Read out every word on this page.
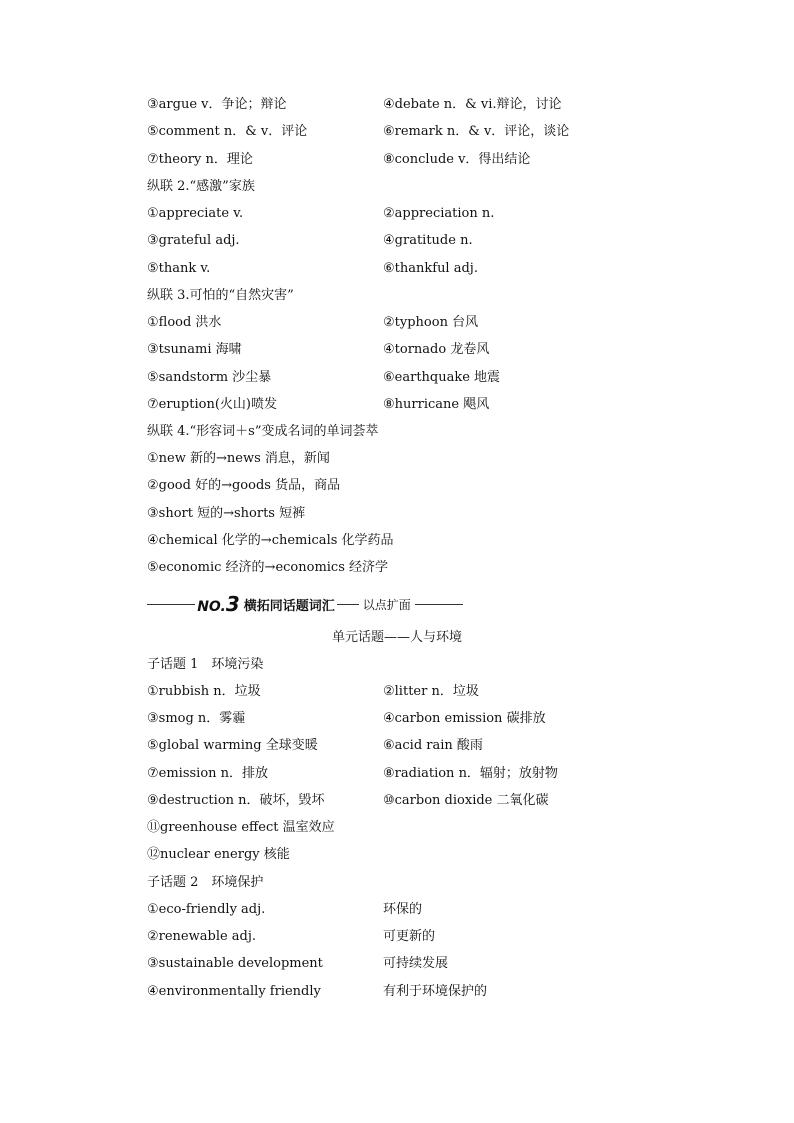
③argue v．争论；辩论	④debate n．& vi.辩论，讨论
⑤comment n．& v．评论	⑥remark n．& v．评论，谈论
⑦theory n．理论	⑧conclude v．得出结论
纵联 2.“感激”家族
①appreciate v.	②appreciation n.
③grateful adj.	④gratitude n.
⑤thank v.	⑥thankful adj.
纵联 3.可怕的“自然灾害”
①flood 洪水	②typhoon 台风
③tsunami 海啸	④tornado 龙卷风
⑤sandstorm 沙尘暴	⑥earthquake 地震
⑦eruption(火山)喷发	⑧hurricane 飓风
纵联 4.“形容词＋s”变成名词的单词荟萃
①new 新的→news 消息，新闻
②good 好的→goods 货品，商品
③short 短的→shorts 短裤
④chemical 化学的→chemicals 化学药品
⑤economic 经济的→economics 经济学
NO.3 横拓同话题词汇 以点扩面
单元话题——人与环境
子话题 1　环境污染
①rubbish n．垃圾	②litter n．垃圾
③smog n．雾霾	④carbon emission 碳排放
⑤global warming 全球变暖	⑥acid rain 酸雨
⑦emission n．排放	⑧radiation n．辐射；放射物
⑨destruction n．破坏，毁坏	⑩carbon dioxide 二氧化碳
⑪greenhouse effect 温室效应
⑫nuclear energy 核能
子话题 2　环境保护
①eco-friendly adj.	环保的
②renewable adj.	可更新的
③sustainable development	可持续发展
④environmentally friendly	有利于环境保护的
